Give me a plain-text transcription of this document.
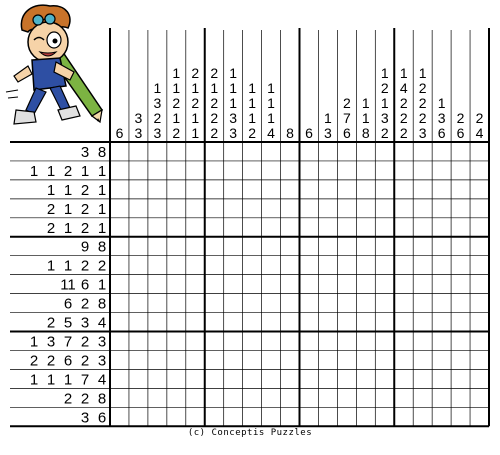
6
3
3
1
3
2
3
1
1
2
1
2
2
1
2
1
1
2
1
2
2
2
1
1
1
3
3
1
1
1
2
1
1
1
4 8 6
1
3
2
7
6
1
1
8
1
2
1
3
2
1
4
2
2
2
1
2
2
2
3
1
3
6
2
6
2
4
3 8
1 1 2 1 1
1 1 2 1
2 1 2 1
2 1 2 1
9 8
1 1 2 2
11 6 1
6 2 8
2 5 3 4
1 3 7 2 3
2 2 6 2 3
1 1 1 7 4
2 2 8
3 6
(c) Conceptis Puzzles
